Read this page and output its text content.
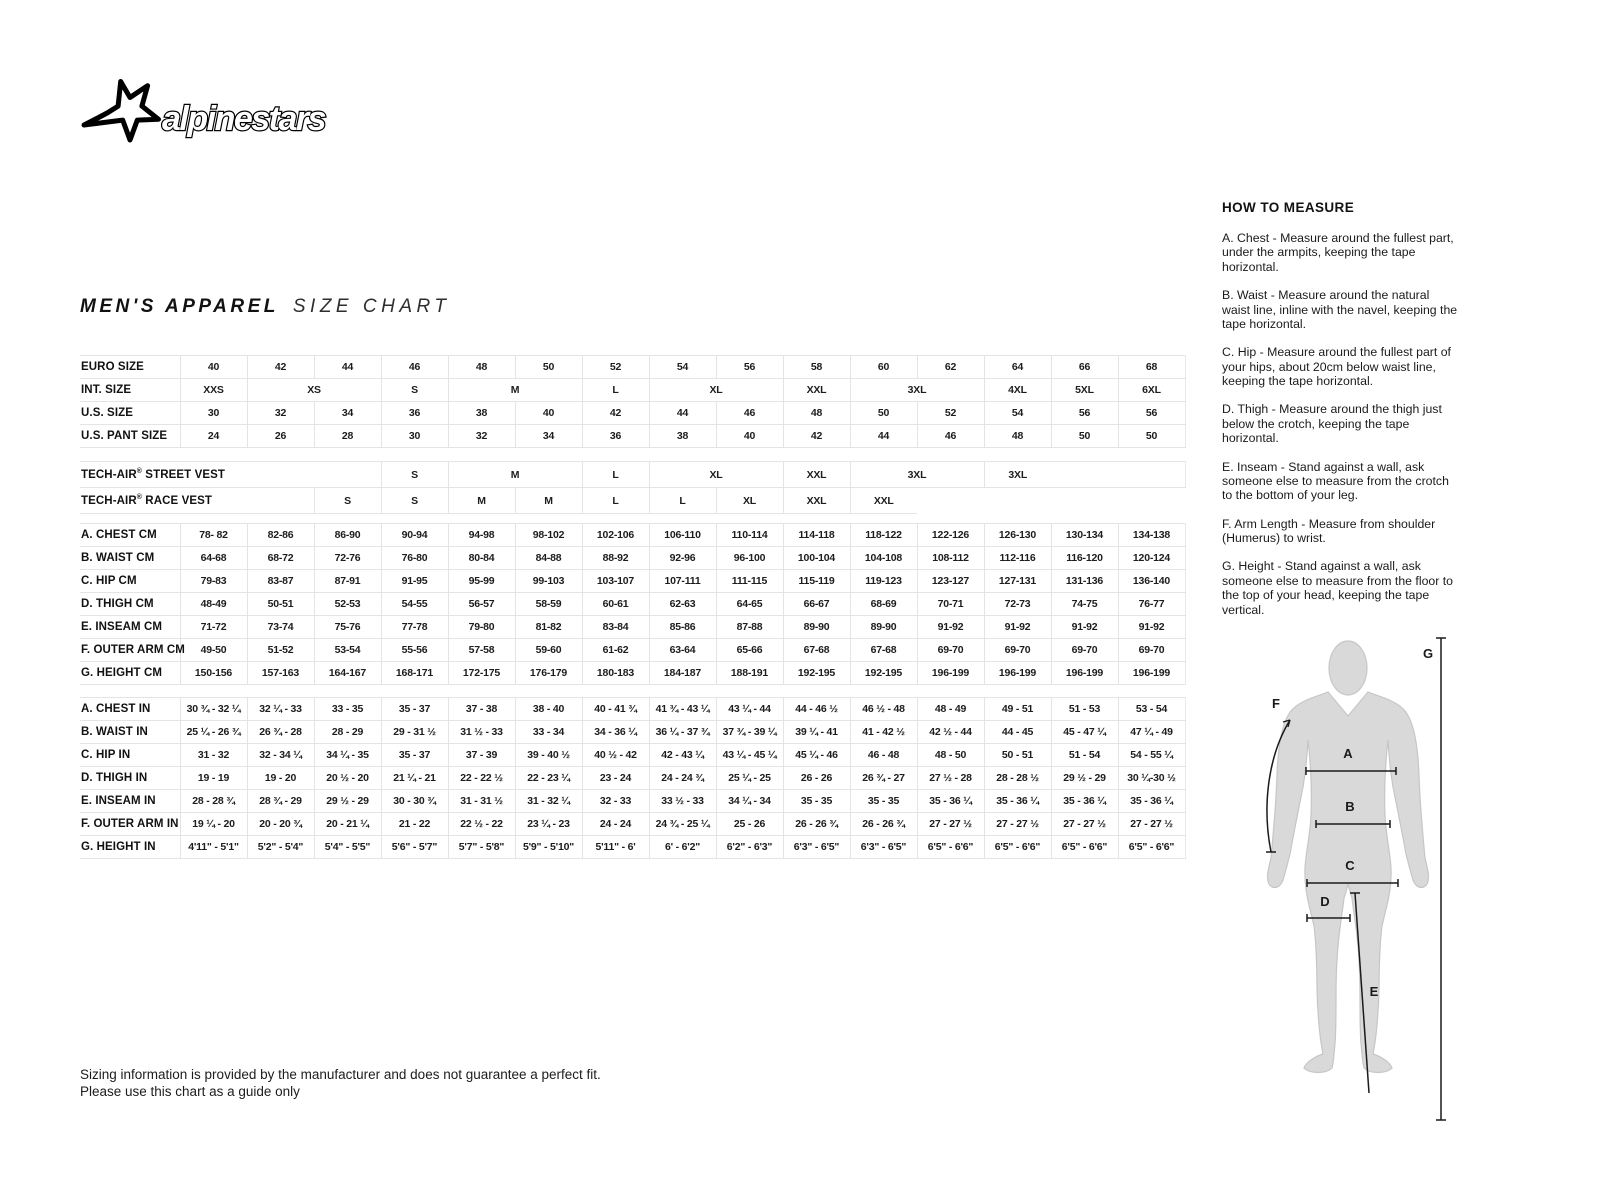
alpinestars
MEN'S APPAREL SIZE CHART
EURO SIZE	40	42	44	46	48	50	52	54	56	58	60	62	64	66	68
INT. SIZE	XXS	XS		S	M		L	XL		XXL	3XL		4XL	5XL	6XL
U.S. SIZE	30	32	34	36	38	40	42	44	46	48	50	52	54	56	56
U.S. PANT SIZE	24	26	28	30	32	34	36	38	40	42	44	46	48	50	50

TECH-AIR® STREET VEST				S	M		L	XL		XXL	3XL		3XL		
TECH-AIR® RACE VEST			S	S	M	M	L	L	XL	XXL	XXL				

A. CHEST CM	78- 82	82-86	86-90	90-94	94-98	98-102	102-106	106-110	110-114	114-118	118-122	122-126	126-130	130-134	134-138
B. WAIST CM	64-68	68-72	72-76	76-80	80-84	84-88	88-92	92-96	96-100	100-104	104-108	108-112	112-116	116-120	120-124
C. HIP CM	79-83	83-87	87-91	91-95	95-99	99-103	103-107	107-111	111-115	115-119	119-123	123-127	127-131	131-136	136-140
D. THIGH CM	48-49	50-51	52-53	54-55	56-57	58-59	60-61	62-63	64-65	66-67	68-69	70-71	72-73	74-75	76-77
E. INSEAM CM	71-72	73-74	75-76	77-78	79-80	81-82	83-84	85-86	87-88	89-90	89-90	91-92	91-92	91-92	91-92
F. OUTER ARM CM	49-50	51-52	53-54	55-56	57-58	59-60	61-62	63-64	65-66	67-68	67-68	69-70	69-70	69-70	69-70
G. HEIGHT CM	150-156	157-163	164-167	168-171	172-175	176-179	180-183	184-187	188-191	192-195	192-195	196-199	196-199	196-199	196-199

A. CHEST IN	30 ¾ - 32 ¼	32 ¼ - 33	33 - 35	35 - 37	37 - 38	38 - 40	40 - 41 ¾	41 ¾ - 43 ¼	43 ¼ - 44	44 - 46 ½	46 ½ - 48	48 - 49	49 - 51	51 - 53	53 - 54
B. WAIST IN	25 ¼ - 26 ¾	26 ¾ - 28	28 - 29	29 - 31 ½	31 ½ - 33	33 - 34	34 - 36 ¼	36 ¼ - 37 ¾	37 ¾ - 39 ¼	39 ¼ - 41	41 - 42 ½	42 ½ - 44	44 - 45	45 - 47 ¼	47 ¼ - 49
C. HIP IN	31 - 32	32 - 34 ¼	34 ¼ - 35	35 - 37	37 - 39	39 - 40 ½	40 ½ - 42	42 - 43 ¼	43 ¼ - 45 ¼	45 ¼ - 46	46 - 48	48 - 50	50 - 51	51 - 54	54 - 55 ¼
D. THIGH IN	19 - 19	19 - 20	20 ½ - 20	21 ¼ - 21	22 - 22 ½	22 - 23 ¼	23 - 24	24 - 24 ¾	25 ¼ - 25	26 - 26	26 ¾ - 27	27 ½ - 28	28 - 28 ½	29 ½ - 29	30 ¼-30 ½
E. INSEAM IN	28 - 28 ¾	28 ¾ - 29	29 ½ - 29	30 - 30 ¾	31 - 31 ½	31 - 32 ¼	32 - 33	33 ½ - 33	34 ¼ - 34	35 - 35	35 - 35	35 - 36 ¼	35 - 36 ¼	35 - 36 ¼	35 - 36 ¼
F. OUTER ARM IN	19 ¼ - 20	20 - 20 ¾	20 - 21 ¼	21 - 22	22 ½ - 22	23 ¼ - 23	24 - 24	24 ¾ - 25 ¼	25 - 26	26 - 26 ¾	26 - 26 ¾	27 - 27 ½	27 - 27 ½	27 - 27 ½	27 - 27 ½
G. HEIGHT IN	4'11" - 5'1"	5'2" - 5'4"	5'4" - 5'5"	5'6" - 5'7"	5'7" - 5'8"	5'9" - 5'10"	5'11" - 6'	6' - 6'2"	6'2" - 6'3"	6'3" - 6'5"	6'3" - 6'5"	6'5" - 6'6"	6'5" - 6'6"	6'5" - 6'6"	6'5" - 6'6"
HOW TO MEASURE

A. Chest - Measure around the fullest part, under the armpits, keeping the tape horizontal.

B. Waist - Measure around the natural waist line, inline with the navel, keeping the tape horizontal.

C. Hip - Measure around the fullest part of your hips, about 20cm below waist line, keeping the tape horizontal.

D. Thigh - Measure around the thigh just below the crotch, keeping the tape horizontal.

E. Inseam - Stand against a wall, ask someone else to measure from the crotch to the bottom of your leg.

F. Arm Length - Measure from shoulder (Humerus) to wrist.

G. Height - Stand against a wall, ask someone else to measure from the floor to the top of your head, keeping the tape vertical.

A
B
C
D
E
F
G
Sizing information is provided by the manufacturer and does not guarantee a perfect fit.
Please use this chart as a guide only
